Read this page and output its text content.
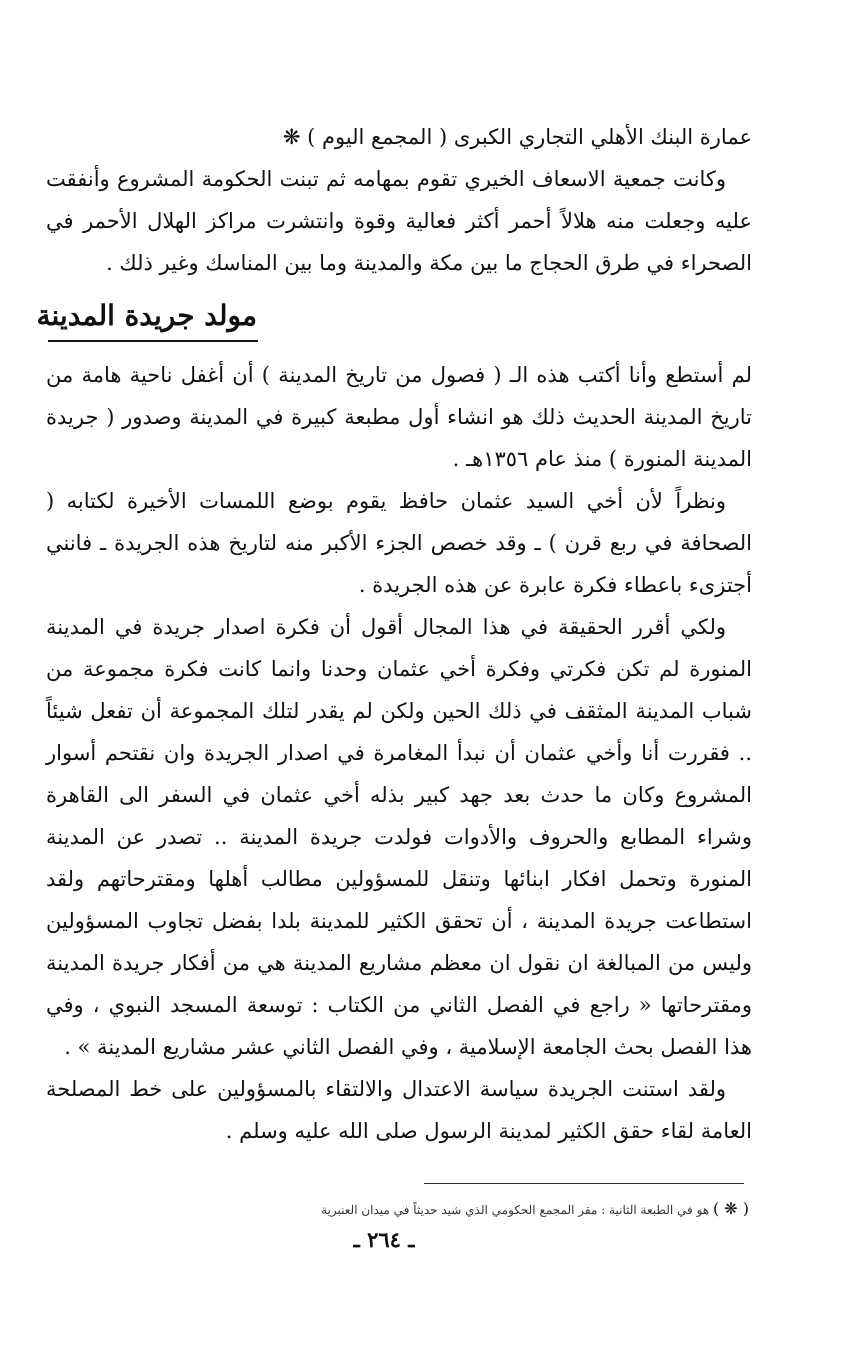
عمارة البنك الأهلي التجاري الكبرى ( المجمع اليوم ) ❋

وكانت جمعية الاسعاف الخيري تقوم بمهامه ثم تبنت الحكومة المشروع وأنفقت عليه وجعلت منه هلالاً أحمر أكثر فعالية وقوة وانتشرت مراكز الهلال الأحمر في الصحراء في طرق الحجاج ما بين مكة والمدينة وما بين المناسك وغير ذلك .

مولد جريدة المدينة

لم أستطع وأنا أكتب هذه الـ ( فصول من تاريخ المدينة ) أن أغفل ناحية هامة من تاريخ المدينة الحديث ذلك هو انشاء أول مطبعة كبيرة في المدينة وصدور ( جريدة المدينة المنورة ) منذ عام ١٣٥٦هـ .

ونظراً لأن أخي السيد عثمان حافظ يقوم بوضع اللمسات الأخيرة لكتابه ( الصحافة في ربع قرن ) ـ وقد خصص الجزء الأكبر منه لتاريخ هذه الجريدة ـ فانني أجتزىء باعطاء فكرة عابرة عن هذه الجريدة .

ولكي أقرر الحقيقة في هذا المجال أقول أن فكرة اصدار جريدة في المدينة المنورة لم تكن فكرتي وفكرة أخي عثمان وحدنا وانما كانت فكرة مجموعة من شباب المدينة المثقف في ذلك الحين ولكن لم يقدر لتلك المجموعة أن تفعل شيئاً .. فقررت أنا وأخي عثمان أن نبدأ المغامرة في اصدار الجريدة وان نقتحم أسوار المشروع وكان ما حدث بعد جهد كبير بذله أخي عثمان في السفر الى القاهرة وشراء المطابع والحروف والأدوات فولدت جريدة المدينة .. تصدر عن المدينة المنورة وتحمل افكار ابنائها وتنقل للمسؤولين مطالب أهلها ومقترحاتهم ولقد استطاعت جريدة المدينة ، أن تحقق الكثير للمدينة بلدا بفضل تجاوب المسؤولين وليس من المبالغة ان نقول ان معظم مشاريع المدينة هي من أفكار جريدة المدينة ومقترحاتها « راجع في الفصل الثاني من الكتاب : توسعة المسجد النبوي ، وفي هذا الفصل بحث الجامعة الإسلامية ، وفي الفصل الثاني عشر مشاريع المدينة » .

ولقد استنت الجريدة سياسة الاعتدال والالتقاء بالمسؤولين على خط المصلحة العامة لقاء حقق الكثير لمدينة الرسول صلى الله عليه وسلم .

( ❋ ) هو في الطبعة الثانية : مقر المجمع الحكومي الذي شيد حديثاً في ميدان العنبرية
ـ ٢٦٤ ـ
